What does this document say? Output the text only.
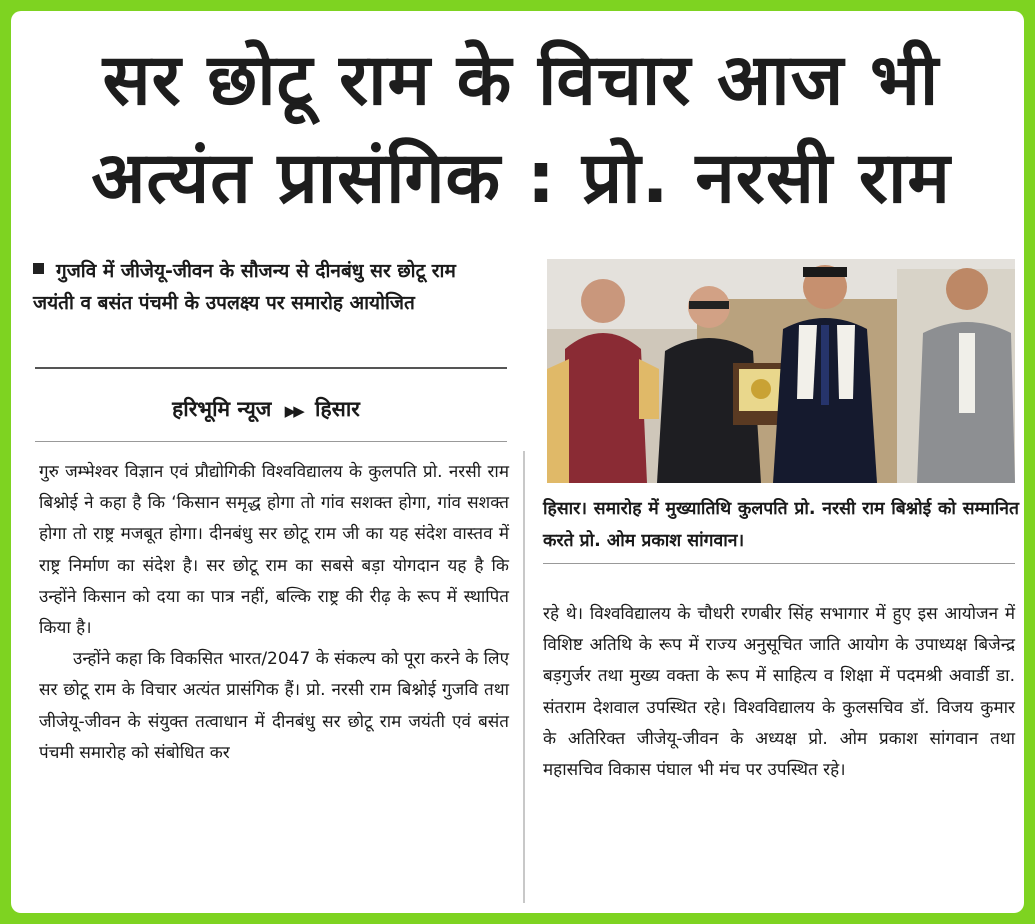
सर छोटू राम के विचार आज भी
अत्यंत प्रासंगिक : प्रो. नरसी राम
गुजवि में जीजेयू-जीवन के सौजन्य से दीनबंधु सर छोटू राम जयंती व बसंत पंचमी के उपलक्ष्य पर समारोह आयोजित
हरिभूमि न्यूज ▶▶ हिसार

गुरु जम्भेश्वर विज्ञान एवं प्रौद्योगिकी विश्वविद्यालय के कुलपति प्रो. नरसी राम बिश्नोई ने कहा है कि ‘किसान समृद्ध होगा तो गांव सशक्त होगा, गांव सशक्त होगा तो राष्ट्र मजबूत होगा। दीनबंधु सर छोटू राम जी का यह संदेश वास्तव में राष्ट्र निर्माण का संदेश है। सर छोटू राम का सबसे बड़ा योगदान यह है कि उन्होंने किसान को दया का पात्र नहीं, बल्कि राष्ट्र की रीढ़ के रूप में स्थापित किया है।

उन्होंने कहा कि विकसित भारत/2047 के संकल्प को पूरा करने के लिए सर छोटू राम के विचार अत्यंत प्रासंगिक हैं। प्रो. नरसी राम बिश्नोई गुजवि तथा जीजेयू-जीवन के संयुक्त तत्वाधान में दीनबंधु सर छोटू राम जयंती एवं बसंत पंचमी समारोह को संबोधित कर

हिसार। समारोह में मुख्यातिथि कुलपति प्रो. नरसी राम बिश्नोई को सम्मानित करते प्रो. ओम प्रकाश सांगवान।

रहे थे। विश्वविद्यालय के चौधरी रणबीर सिंह सभागार में हुए इस आयोजन में विशिष्ट अतिथि के रूप में राज्य अनुसूचित जाति आयोग के उपाध्यक्ष बिजेन्द्र बड़गुर्जर तथा मुख्य वक्ता के रूप में साहित्य व शिक्षा में पदमश्री अवार्डी डा. संतराम देशवाल उपस्थित रहे। विश्वविद्यालय के कुलसचिव डॉ. विजय कुमार के अतिरिक्त जीजेयू-जीवन के अध्यक्ष प्रो. ओम प्रकाश सांगवान तथा महासचिव विकास पंघाल भी मंच पर उपस्थित रहे।
